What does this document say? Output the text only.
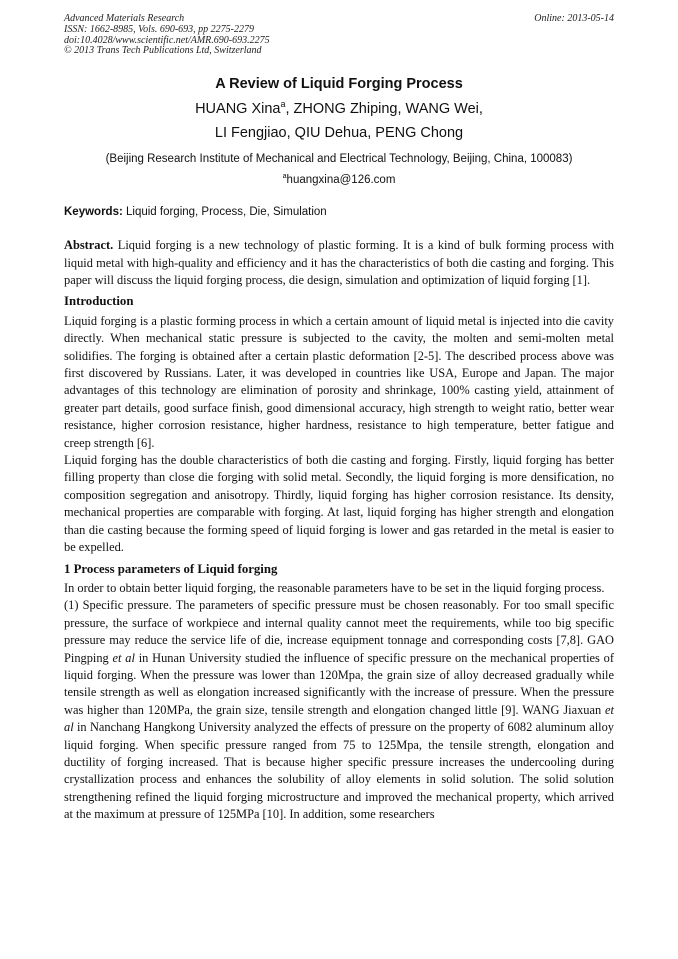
Advanced Materials Research
ISSN: 1662-8985, Vols. 690-693, pp 2275-2279
doi:10.4028/www.scientific.net/AMR.690-693.2275
© 2013 Trans Tech Publications Ltd, Switzerland
Online: 2013-05-14
A Review of Liquid Forging Process
HUANG Xina$^a$, ZHONG Zhiping, WANG Wei,
LI Fengjiao, QIU Dehua, PENG Chong
(Beijing Research Institute of Mechanical and Electrical Technology, Beijing, China, 100083)
$^a$huangxina@126.com
Keywords: Liquid forging, Process, Die, Simulation

Abstract. Liquid forging is a new technology of plastic forming. It is a kind of bulk forming process with liquid metal with high-quality and efficiency and it has the characteristics of both die casting and forging. This paper will discuss the liquid forging process, die design, simulation and optimization of liquid forging [1].

Introduction

Liquid forging is a plastic forming process in which a certain amount of liquid metal is injected into die cavity directly. When mechanical static pressure is subjected to the cavity, the molten and semi-molten metal solidifies. The forging is obtained after a certain plastic deformation [2-5]. The described process above was first discovered by Russians. Later, it was developed in countries like USA, Europe and Japan. The major advantages of this technology are elimination of porosity and shrinkage, 100% casting yield, attainment of greater part details, good surface finish, good dimensional accuracy, high strength to weight ratio, better wear resistance, higher corrosion resistance, higher hardness, resistance to high temperature, better fatigue and creep strength [6].

Liquid forging has the double characteristics of both die casting and forging. Firstly, liquid forging has better filling property than close die forging with solid metal. Secondly, the liquid forging is more densification, no composition segregation and anisotropy. Thirdly, liquid forging has higher corrosion resistance. Its density, mechanical properties are comparable with forging. At last, liquid forging has higher strength and elongation than die casting because the forming speed of liquid forging is lower and gas retarded in the metal is easier to be expelled.

1 Process parameters of Liquid forging

In order to obtain better liquid forging, the reasonable parameters have to be set in the liquid forging process.

(1) Specific pressure. The parameters of specific pressure must be chosen reasonably. For too small specific pressure, the surface of workpiece and internal quality cannot meet the requirements, while too big specific pressure may reduce the service life of die, increase equipment tonnage and corresponding costs [7,8]. GAO Pingping et al in Hunan University studied the influence of specific pressure on the mechanical properties of liquid forging. When the pressure was lower than 120Mpa, the grain size of alloy decreased gradually while tensile strength as well as elongation increased significantly with the increase of pressure. When the pressure was higher than 120MPa, the grain size, tensile strength and elongation changed little [9]. WANG Jiaxuan et al in Nanchang Hangkong University analyzed the effects of pressure on the property of 6082 aluminum alloy liquid forging. When specific pressure ranged from 75 to 125Mpa, the tensile strength, elongation and ductility of forging increased. That is because higher specific pressure increases the undercooling during crystallization process and enhances the solubility of alloy elements in solid solution. The solid solution strengthening refined the liquid forging microstructure and improved the mechanical property, which arrived at the maximum at pressure of 125MPa [10]. In addition, some researchers
